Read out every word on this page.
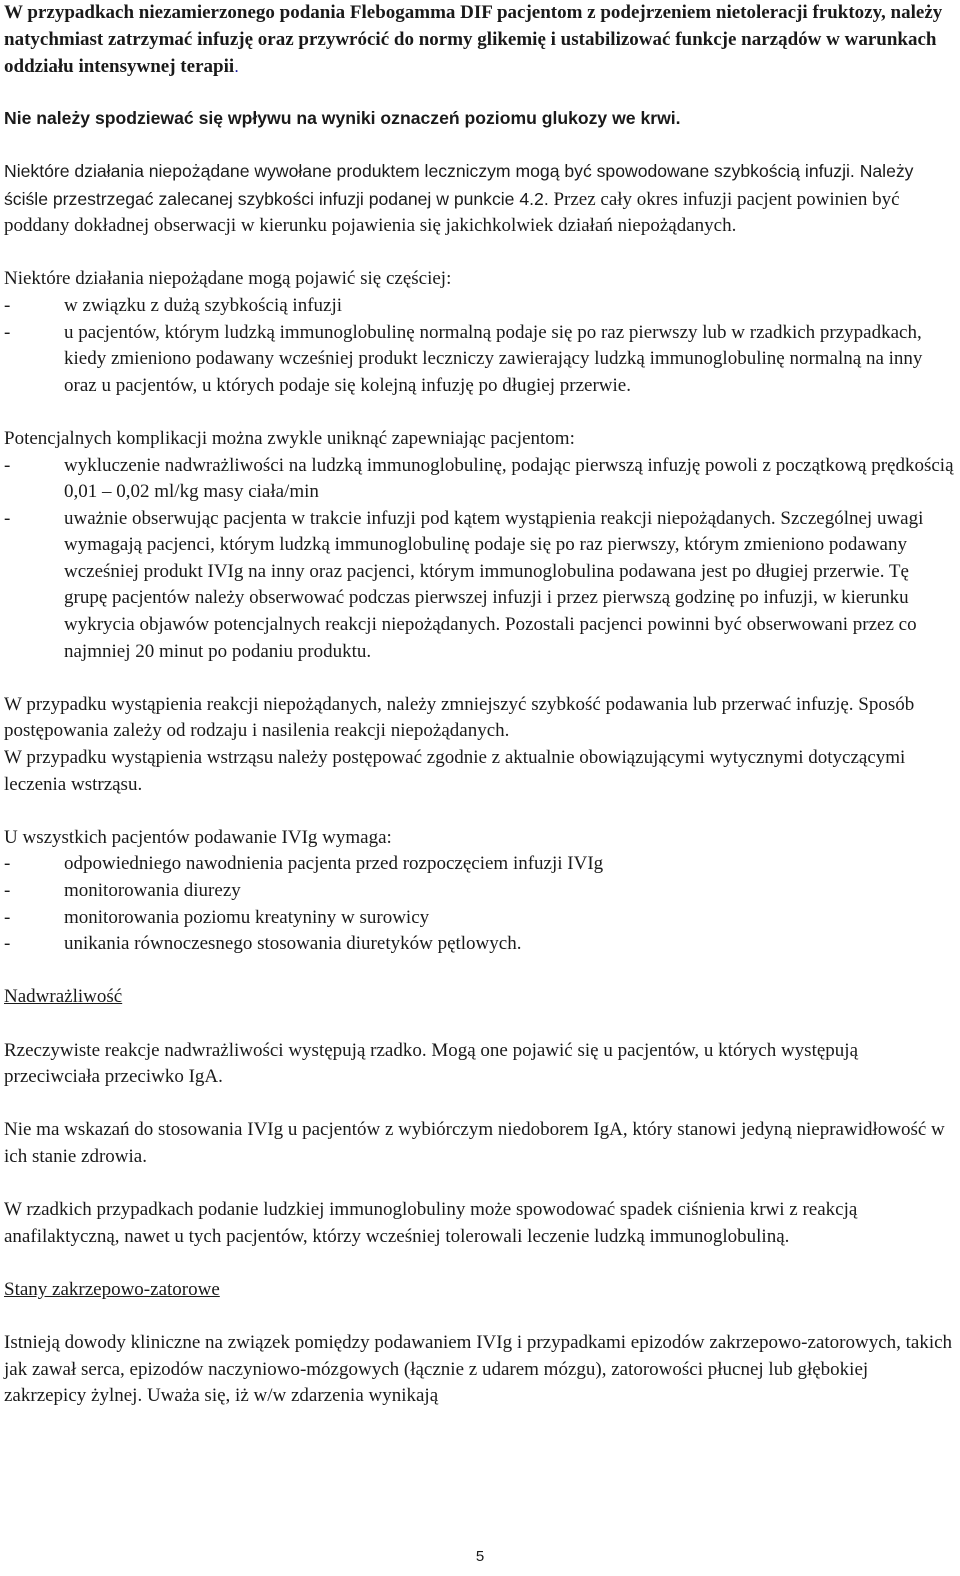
W przypadkach niezamierzonego podania Flebogamma DIF pacjentom z podejrzeniem nietoleracji fruktozy, należy natychmiast zatrzymać infuzję oraz przywrócić do normy glikemię i ustabilizować funkcje narządów w warunkach oddziału intensywnej terapii.

Nie należy spodziewać się wpływu na wyniki oznaczeń poziomu glukozy we krwi.

Niektóre działania niepożądane wywołane produktem leczniczym mogą być spowodowane szybkością infuzji. Należy ściśle przestrzegać zalecanej szybkości infuzji podanej w punkcie 4.2. Przez cały okres infuzji pacjent powinien być poddany dokładnej obserwacji w kierunku pojawienia się jakichkolwiek działań niepożądanych.

Niektóre działania niepożądane mogą pojawić się częściej:

-	w związku z dużą szybkością infuzji
-	u pacjentów, którym ludzką immunoglobulinę normalną podaje się po raz pierwszy lub w rzadkich przypadkach, kiedy zmieniono podawany wcześniej produkt leczniczy zawierający ludzką immunoglobulinę normalną na inny oraz u pacjentów, u których podaje się kolejną infuzję po długiej przerwie.

Potencjalnych komplikacji można zwykle uniknąć zapewniając pacjentom:

-	wykluczenie nadwrażliwości na ludzką immunoglobulinę, podając pierwszą infuzję powoli z początkową prędkością 0,01 – 0,02 ml/kg masy ciała/min
-	uważnie obserwując pacjenta w trakcie infuzji pod kątem wystąpienia reakcji niepożądanych. Szczególnej uwagi wymagają pacjenci, którym ludzką immunoglobulinę podaje się po raz pierwszy, którym zmieniono podawany wcześniej produkt IVIg na inny oraz pacjenci, którym immunoglobulina podawana jest po długiej przerwie. Tę grupę pacjentów należy obserwować podczas pierwszej infuzji i przez pierwszą godzinę po infuzji, w kierunku wykrycia objawów potencjalnych reakcji niepożądanych. Pozostali pacjenci powinni być obserwowani przez co najmniej 20 minut po podaniu produktu.

W przypadku wystąpienia reakcji niepożądanych, należy zmniejszyć szybkość podawania lub przerwać infuzję. Sposób postępowania zależy od rodzaju i nasilenia reakcji niepożądanych.

W przypadku wystąpienia wstrząsu należy postępować zgodnie z aktualnie obowiązującymi wytycznymi dotyczącymi leczenia wstrząsu.

U wszystkich pacjentów podawanie IVIg wymaga:

-	odpowiedniego nawodnienia pacjenta przed rozpoczęciem infuzji IVIg
-	monitorowania diurezy
-	monitorowania poziomu kreatyniny w surowicy
-	unikania równoczesnego stosowania diuretyków pętlowych.

Nadwrażliwość

Rzeczywiste reakcje nadwrażliwości występują rzadko. Mogą one pojawić się u pacjentów, u których występują przeciwciała przeciwko IgA.

Nie ma wskazań do stosowania IVIg u pacjentów z wybiórczym niedoborem IgA, który stanowi jedyną nieprawidłowość w ich stanie zdrowia.

W rzadkich przypadkach podanie ludzkiej immunoglobuliny może spowodować spadek ciśnienia krwi z reakcją anafilaktyczną, nawet u tych pacjentów, którzy wcześniej tolerowali leczenie ludzką immunoglobuliną.

Stany zakrzepowo-zatorowe

Istnieją dowody kliniczne na związek pomiędzy podawaniem IVIg i przypadkami epizodów zakrzepowo-zatorowych, takich jak zawał serca, epizodów naczyniowo-mózgowych (łącznie z udarem mózgu), zatorowości płucnej lub głębokiej zakrzepicy żylnej. Uważa się, iż w/w zdarzenia wynikają

5
